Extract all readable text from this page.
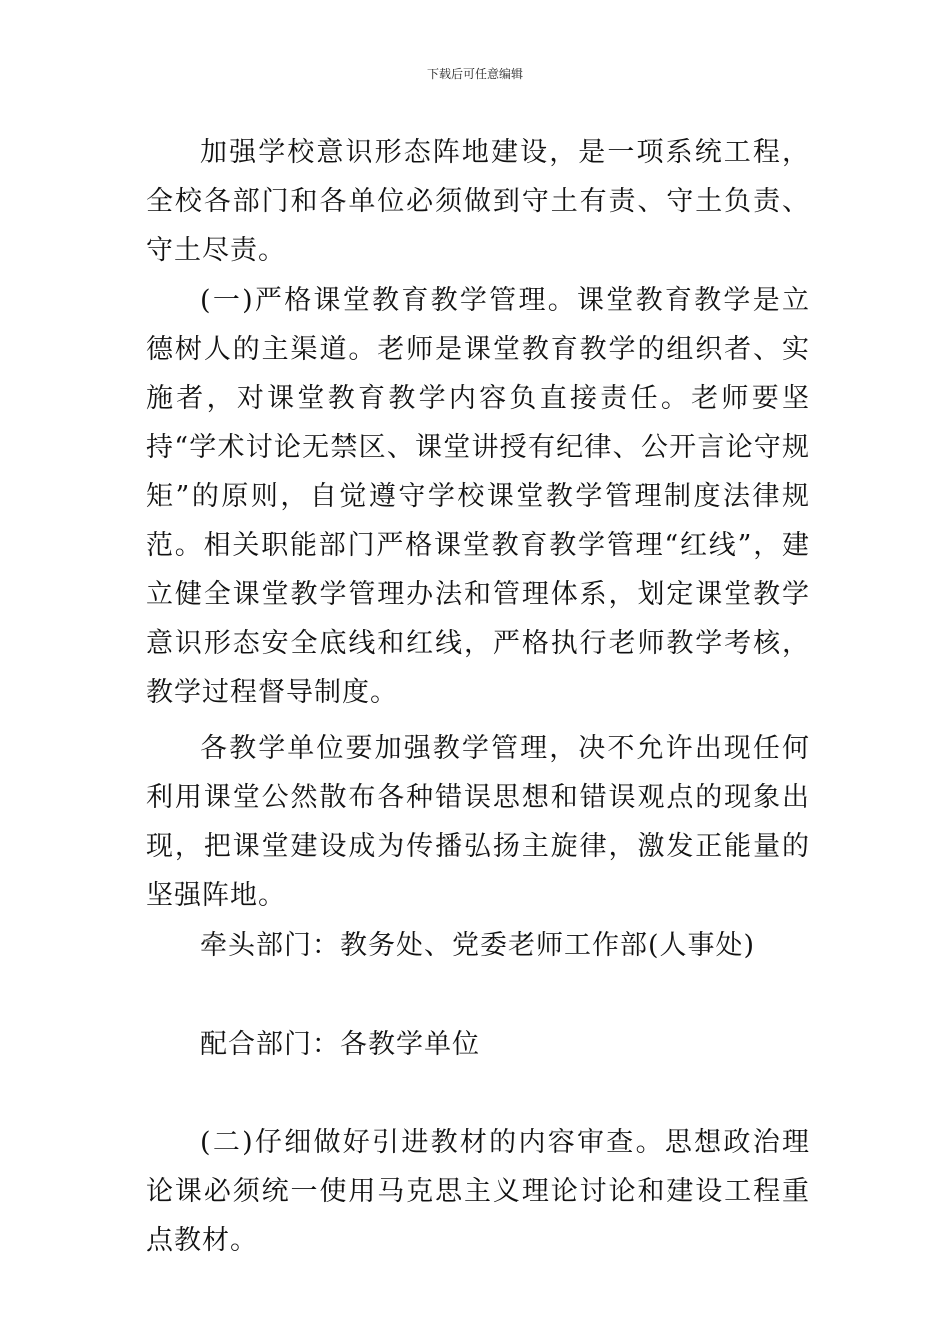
下载后可任意编辑

加强学校意识形态阵地建设，是一项系统工程，全校各部门和各单位必须做到守土有责、守土负责、守土尽责。

(一)严格课堂教育教学管理。课堂教育教学是立德树人的主渠道。老师是课堂教育教学的组织者、实施者，对课堂教育教学内容负直接责任。老师要坚持“学术讨论无禁区、课堂讲授有纪律、公开言论守规矩”的原则，自觉遵守学校课堂教学管理制度法律规范。相关职能部门严格课堂教育教学管理“红线”，建立健全课堂教学管理办法和管理体系，划定课堂教学意识形态安全底线和红线，严格执行老师教学考核，教学过程督导制度。

各教学单位要加强教学管理，决不允许出现任何利用课堂公然散布各种错误思想和错误观点的现象出现，把课堂建设成为传播弘扬主旋律，激发正能量的坚强阵地。

牵头部门：教务处、党委老师工作部(人事处)

配合部门：各教学单位

(二)仔细做好引进教材的内容审查。思想政治理论课必须统一使用马克思主义理论讨论和建设工程重点教材。
